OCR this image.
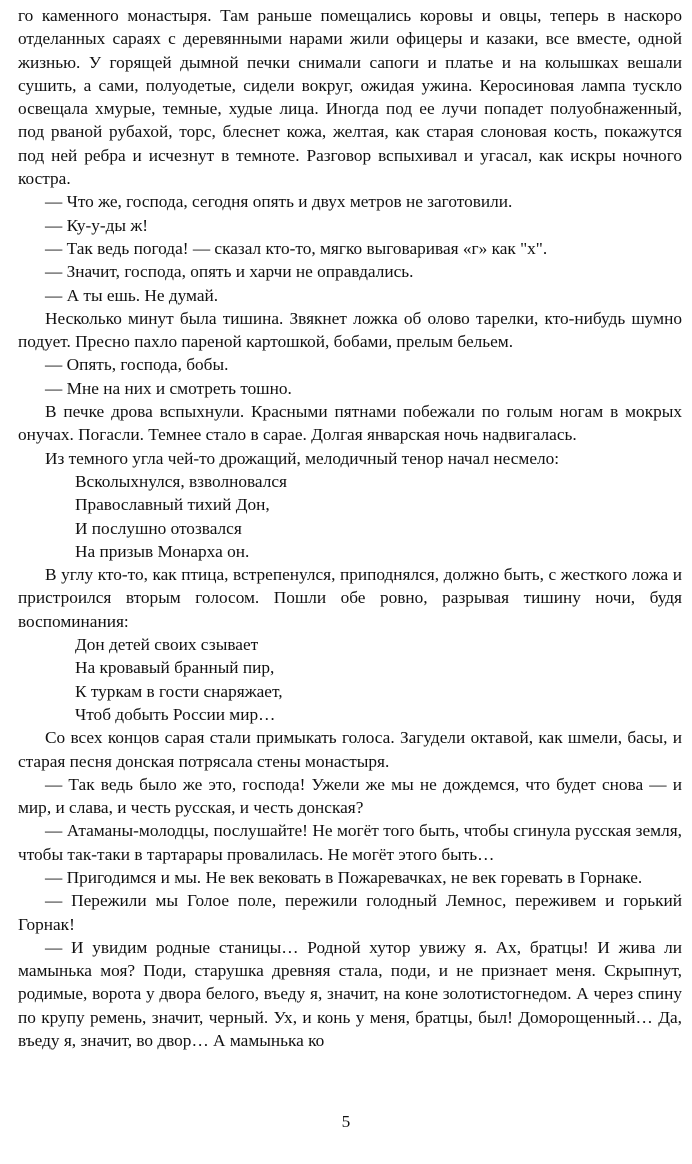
го каменного монастыря. Там раньше помещались коровы и овцы, теперь в наскоро отделанных сараях с деревянными нарами жили офицеры и казаки, все вместе, одной жизнью. У горящей дымной печки снимали сапоги и платье и на колышках вешали сушить, а сами, полуодетые, сидели вокруг, ожидая ужина. Керосиновая лампа тускло освещала хмурые, темные, худые лица. Иногда под ее лучи попадет полуобнаженный, под рваной рубахой, торс, блеснет кожа, желтая, как старая слоновая кость, покажутся под ней ребра и исчезнут в темноте. Разговор вспыхивал и угасал, как искры ночного костра.

— Что же, господа, сегодня опять и двух метров не заготовили.

— Ку-у-ды ж!

— Так ведь погода! — сказал кто-то, мягко выговаривая «г» как "х".

— Значит, господа, опять и харчи не оправдались.

— А ты ешь. Не думай.

Несколько минут была тишина. Звякнет ложка об олово тарелки, кто-нибудь шумно подует. Пресно пахло пареной картошкой, бобами, прелым бельем.

— Опять, господа, бобы.

— Мне на них и смотреть тошно.

В печке дрова вспыхнули. Красными пятнами побежали по голым ногам в мокрых онучах. Погасли. Темнее стало в сарае. Долгая январская ночь надвигалась.

Из темного угла чей-то дрожащий, мелодичный тенор начал несмело:

Всколыхнулся, взволновался
Православный тихий Дон,
И послушно отозвался
На призыв Монарха он.

В углу кто-то, как птица, встрепенулся, приподнялся, должно быть, с жесткого ложа и пристроился вторым голосом. Пошли обе ровно, разрывая тишину ночи, будя воспоминания:

Дон детей своих сзывает
На кровавый бранный пир,
К туркам в гости снаряжает,
Чтоб добыть России мир…

Со всех концов сарая стали примыкать голоса. Загудели октавой, как шмели, басы, и старая песня донская потрясала стены монастыря.

— Так ведь было же это, господа! Ужели же мы не дождемся, что будет снова — и мир, и слава, и честь русская, и честь донская?

— Атаманы-молодцы, послушайте! Не могёт того быть, чтобы сгинула русская земля, чтобы так-таки в тартарары провалилась. Не могёт этого быть…

— Пригодимся и мы. Не век вековать в Пожаревачках, не век горевать в Горнаке.

— Пережили мы Голое поле, пережили голодный Лемнос, переживем и горький Горнак!

— И увидим родные станицы… Родной хутор увижу я. Ах, братцы! И жива ли мамынька моя? Поди, старушка древняя стала, поди, и не признает меня. Скрыпнут, родимые, ворота у двора белого, въеду я, значит, на коне золотистогнедом. А через спину по крупу ремень, значит, черный. Ух, и конь у меня, братцы, был! Доморощенный… Да, въеду я, значит, во двор… А мамынька ко

5
